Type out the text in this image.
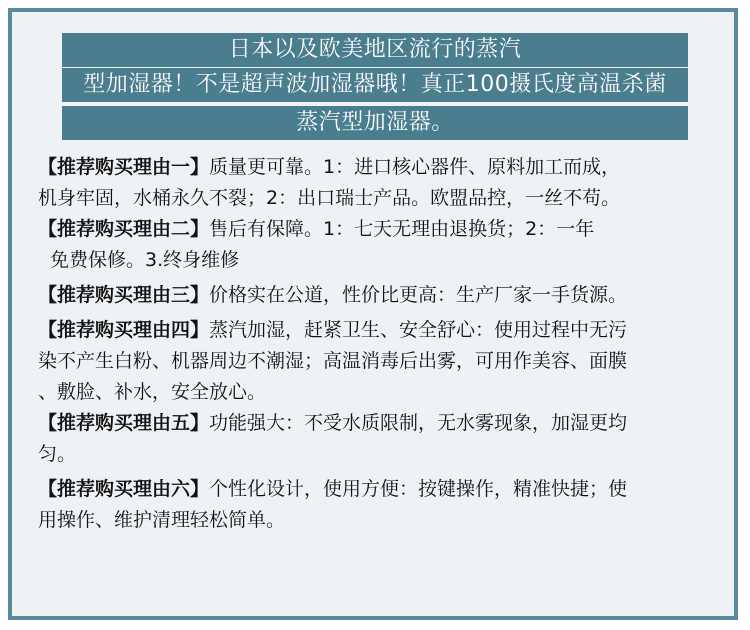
日本以及欧美地区流行的蒸汽
型加湿器！不是超声波加湿器哦！真正100摄氏度高温杀菌
蒸汽型加湿器。
【推荐购买理由一】质量更可靠。1：进口核心器件、原料加工而成，
机身牢固，水桶永久不裂；2：出口瑞士产品。欧盟品控，一丝不苟。
【推荐购买理由二】售后有保障。1：七天无理由退换货；2：一年
免费保修。3.终身维修
【推荐购买理由三】价格实在公道，性价比更高：生产厂家一手货源。
【推荐购买理由四】蒸汽加湿，赶紧卫生、安全舒心：使用过程中无污
染不产生白粉、机器周边不潮湿；高温消毒后出雾，可用作美容、面膜
、敷脸、补水，安全放心。
【推荐购买理由五】功能强大：不受水质限制，无水雾现象，加湿更均
匀。
【推荐购买理由六】个性化设计，使用方便：按键操作，精准快捷；使
用操作、维护清理轻松简单。
